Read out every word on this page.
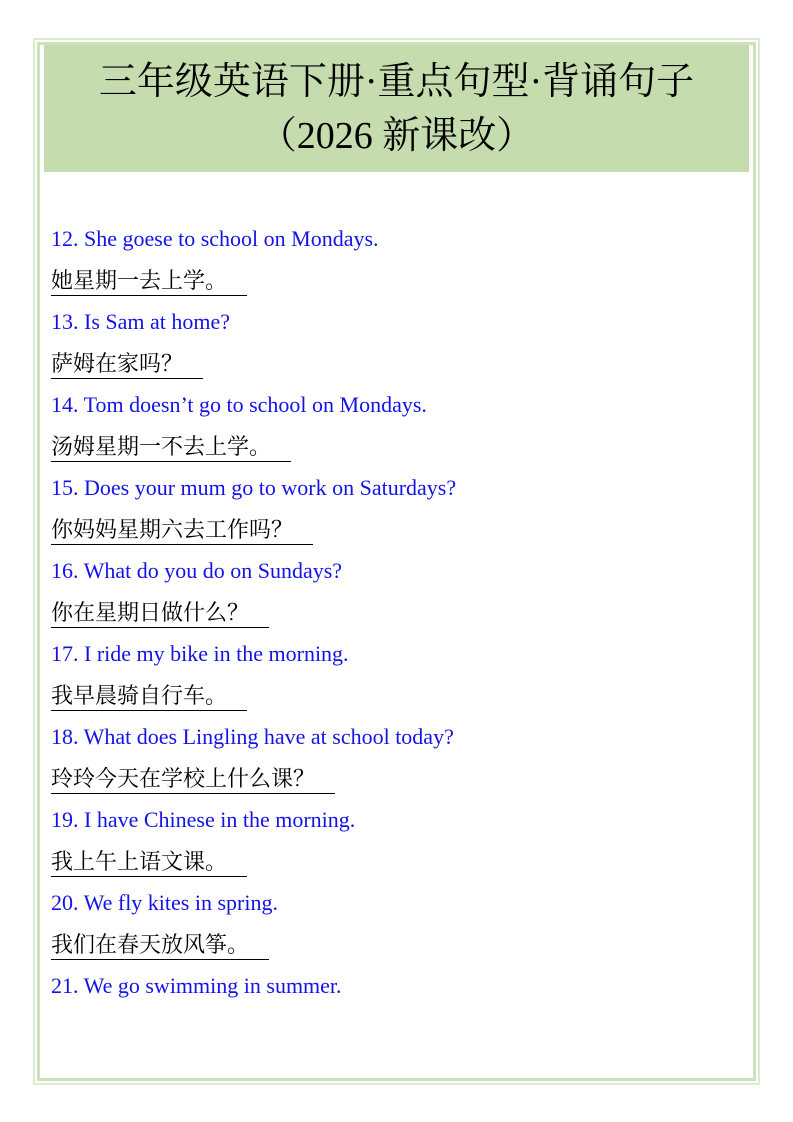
三年级英语下册·重点句型·背诵句子
（2026 新课改）

12. She goese to school on Mondays.

她星期一去上学。

13. Is Sam at home?

萨姆在家吗？

14. Tom doesn’t go to school on Mondays.

汤姆星期一不去上学。

15. Does your mum go to work on Saturdays?

你妈妈星期六去工作吗？

16. What do you do on Sundays?

你在星期日做什么？

17. I ride my bike in the morning.

我早晨骑自行车。

18. What does Lingling have at school today?

玲玲今天在学校上什么课？

19. I have Chinese in the morning.

我上午上语文课。

20. We fly kites in spring.

我们在春天放风筝。

21. We go swimming in summer.
